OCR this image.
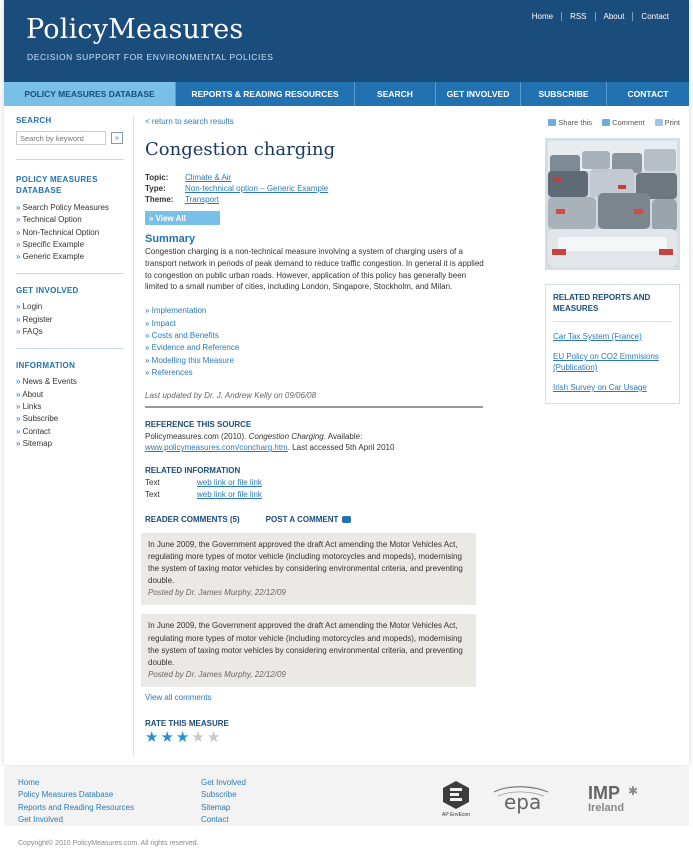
PolicyMeasures
DECISION SUPPORT FOR ENVIRONMENTAL POLICIES
Home	RSS	About	Contact
POLICY MEASURES DATABASE	REPORTS & READING RESOURCES	SEARCH	GET INVOLVED	SUBSCRIBE	CONTACT
SEARCH
Search by keyword
»
POLICY MEASURES DATABASE
» Search Policy Measures
» Technical Option
» Non-Technical Option
» Specific Example
» Generic Example
GET INVOLVED
» Login
» Register
» FAQs
INFORMATION
» News & Events
» About
» Links
» Subscribe
» Contact
» Sitemap
< return to search results
Congestion charging
Topic:	Climate & Air
Type:	Non-technical option – Generic Example
Theme:	Transport
» View All
Summary
Congestion charging is a non-technical measure involving a system of charging users of a transport network in periods of peak demand to reduce traffic congestion. In general it is applied to congestion on public urban roads. However, application of this policy has generally been limited to a small number of cities, including London, Singapore, Stockholm, and Milan.
» Implementation
» Impact
» Costs and Benefits
» Evidence and Reference
» Modelling this Measure
» References
Last updated by Dr. J. Andrew Kelly on 09/06/08
REFERENCE THIS SOURCE
Policymeasures.com (2010). Congestion Charging. Available:
www.policymeasures.com/concharg.htm. Last accessed 5th April 2010
RELATED INFORMATION
Text	web link or file link
Text	web link or file link
READER COMMENTS (5)	POST A COMMENT
In June 2009, the Government approved the draft Act amending the Motor Vehicles Act, regulating more types of motor vehicle (including motorcycles and mopeds), modernising the system of taxing motor vehicles by considering environmental criteria, and preventing double.
Posted by Dr. James Murphy, 22/12/09
In June 2009, the Government approved the draft Act amending the Motor Vehicles Act, regulating more types of motor vehicle (including motorcycles and mopeds), modernising the system of taxing motor vehicles by considering environmental criteria, and preventing double.
Posted by Dr. James Murphy, 22/12/09
View all comments
RATE THIS MEASURE
★ ★ ★ ★ ★
Share this	Comment	Print
RELATED REPORTS AND MEASURES
Car Tax System (France)
EU Policy on CO2 Emmisions (Publication)
Irish Survey on Car Usage
Home
Policy Measures Database
Reports and Reading Resources
Get Involved
Get Involved
Subscribe
Sitemap
Contact	AP EnvEcon
epa	IMP
Ireland
✱
Copyright© 2010 PolicyMeasures.com. All rights reserved.
